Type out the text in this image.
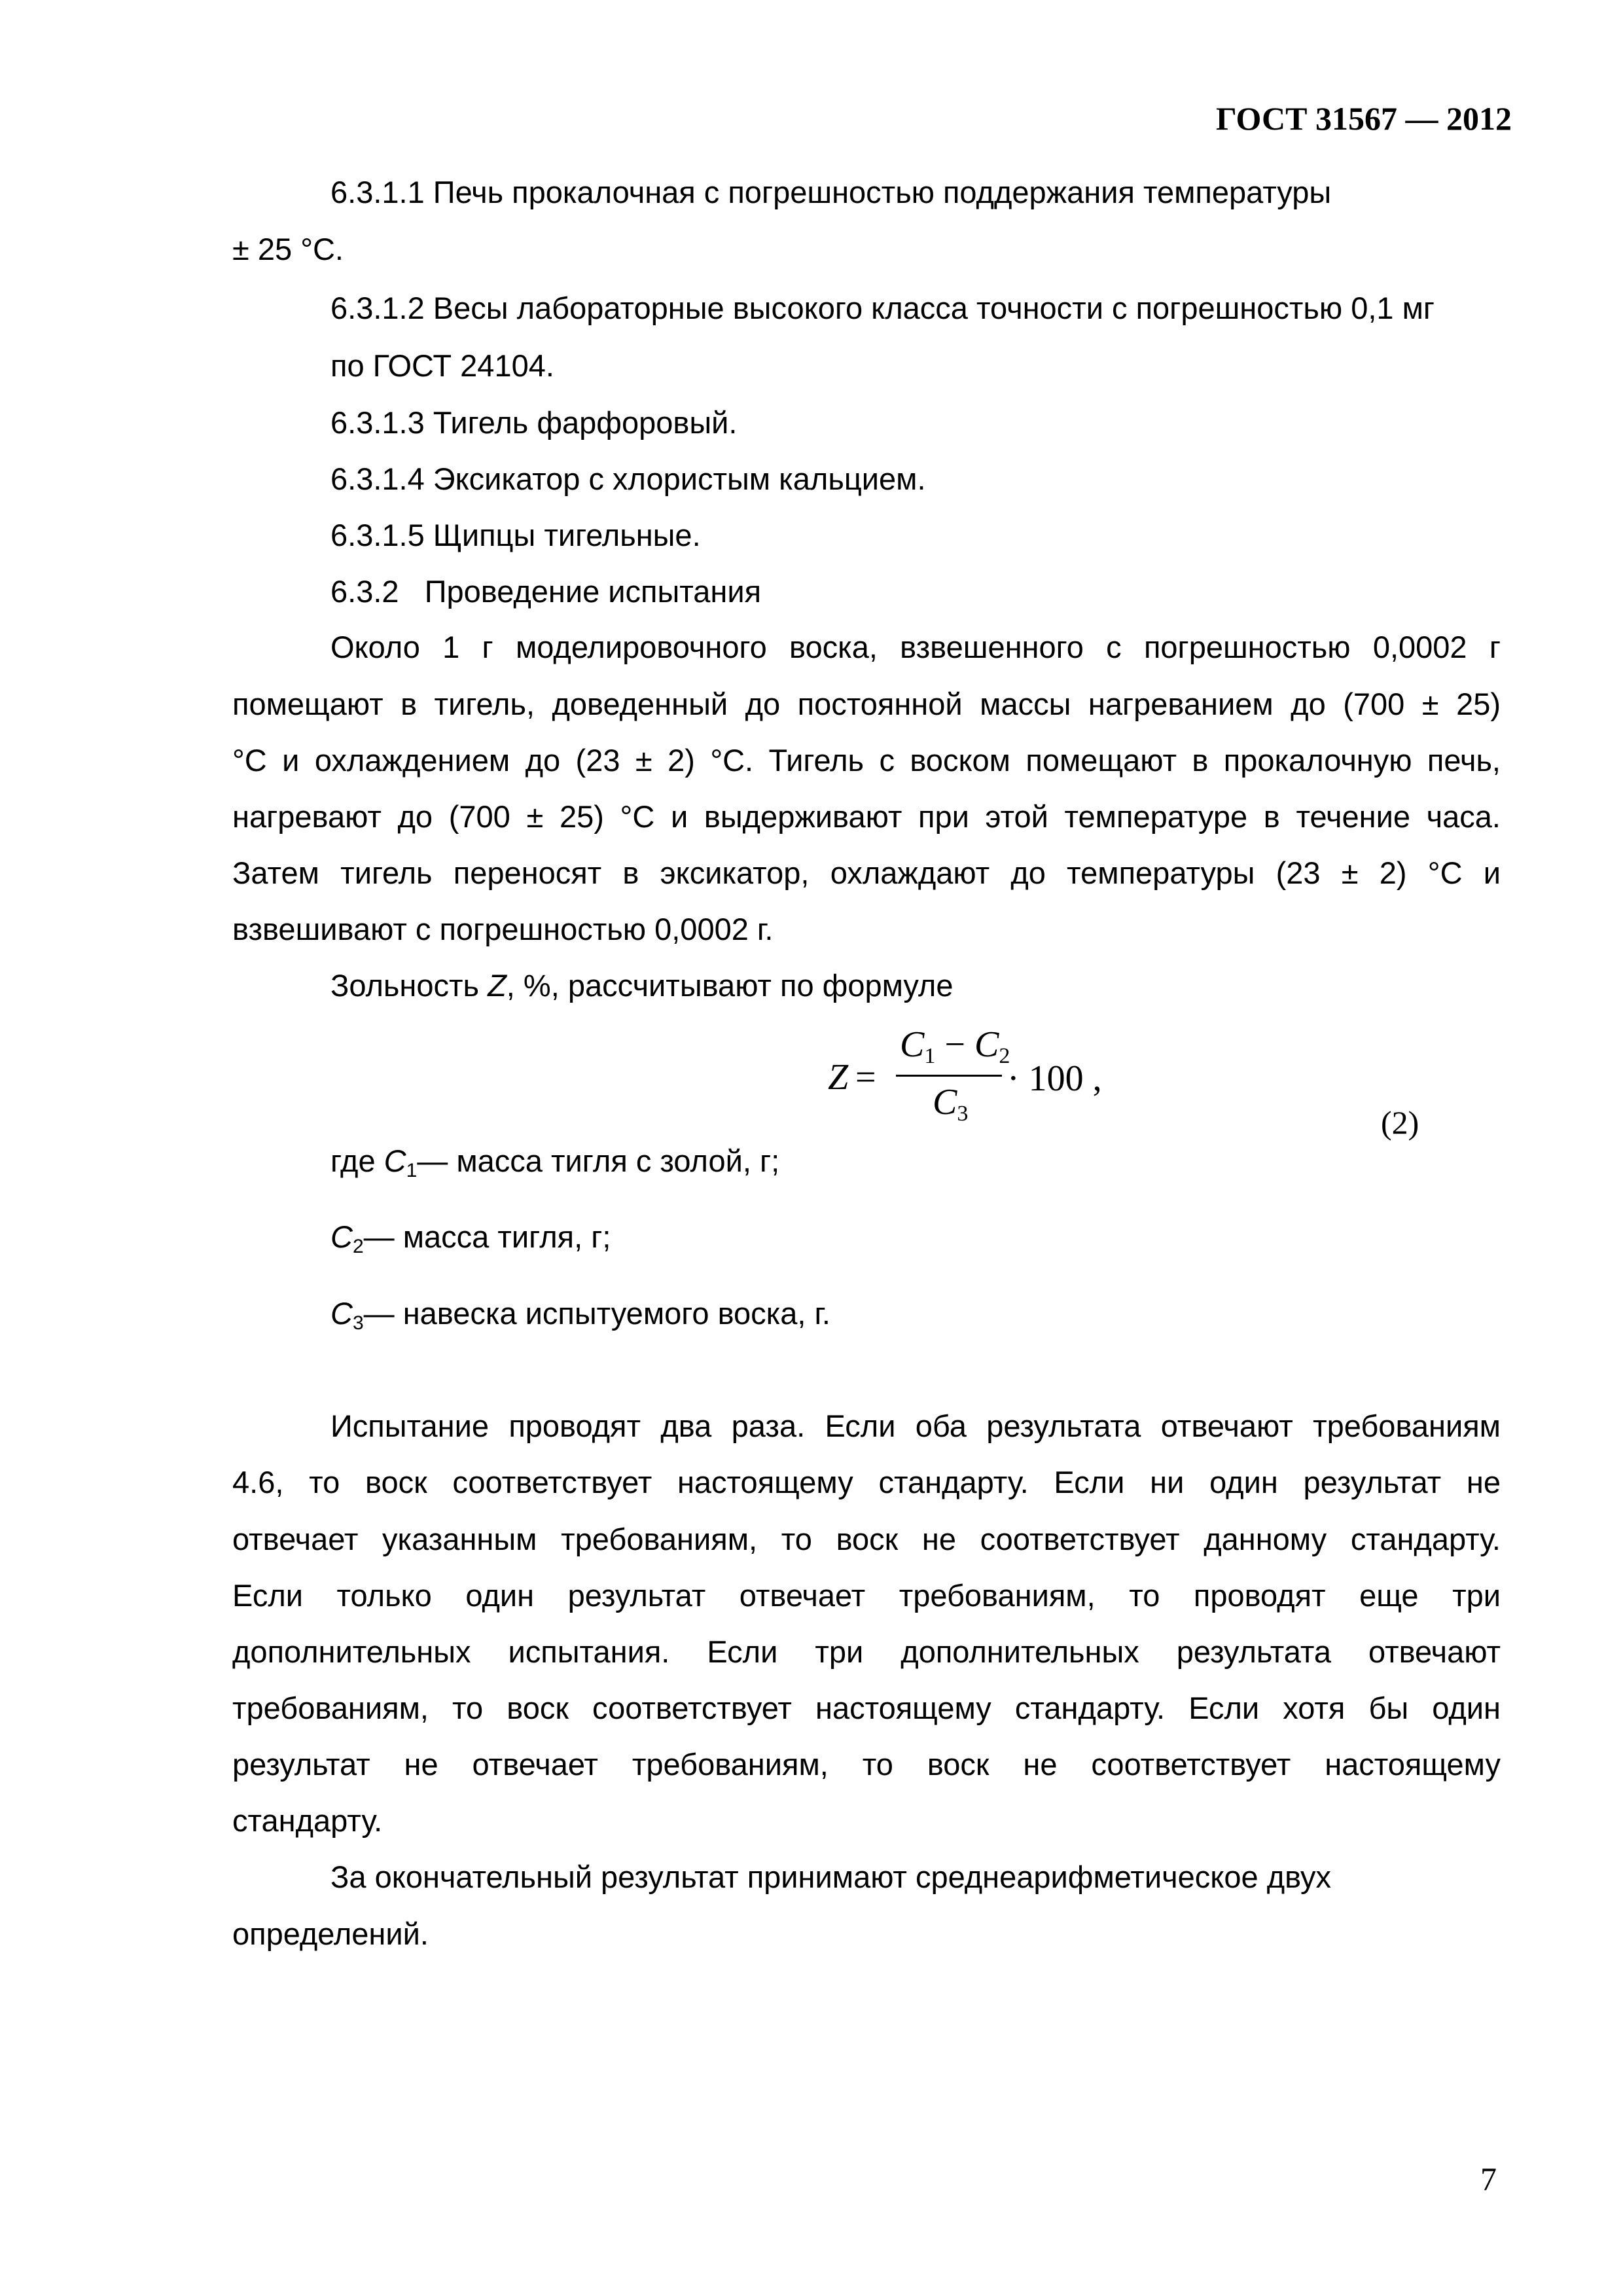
ГОСТ 31567 — 2012
6.3.1.1 Печь прокалочная с погрешностью поддержания температуры
± 25 °С.
6.3.1.2 Весы лабораторные высокого класса точности с погрешностью 0,1 мг
по ГОСТ 24104.
6.3.1.3 Тигель фарфоровый.
6.3.1.4 Эксикатор с хлористым кальцием.
6.3.1.5 Щипцы тигельные.
6.3.2   Проведение испытания
Около 1 г моделировочного воска, взвешенного с погрешностью 0,0002 г
помещают в тигель, доведенный до постоянной массы нагреванием до (700 ± 25)
°С и охлаждением до (23 ± 2) °С. Тигель с воском помещают в прокалочную печь,
нагревают до (700 ± 25) °С и выдерживают при этой температуре в течение часа.
Затем тигель переносят в эксикатор, охлаждают до температуры (23 ± 2) °С и
взвешивают с погрешностью 0,0002 г.
Зольность Z, %, рассчитывают по формуле
Z =
$C_1 - C_2$
$C_3$
· 100 ,
(2)
где $C_1—$ масса тигля с золой, г;
$C_2—$ масса тигля, г;
$C_3—$ навеска испытуемого воска, г.
Испытание проводят два раза. Если оба результата отвечают требованиям
4.6, то воск соответствует настоящему стандарту. Если ни один результат не
отвечает указанным требованиям, то воск не соответствует данному стандарту.
Если только один результат отвечает требованиям, то проводят еще три
дополнительных испытания. Если три дополнительных результата отвечают
требованиям, то воск соответствует настоящему стандарту. Если хотя бы один
результат не отвечает требованиям, то воск не соответствует настоящему
стандарту.
За окончательный результат принимают среднеарифметическое двух
определений.
7
